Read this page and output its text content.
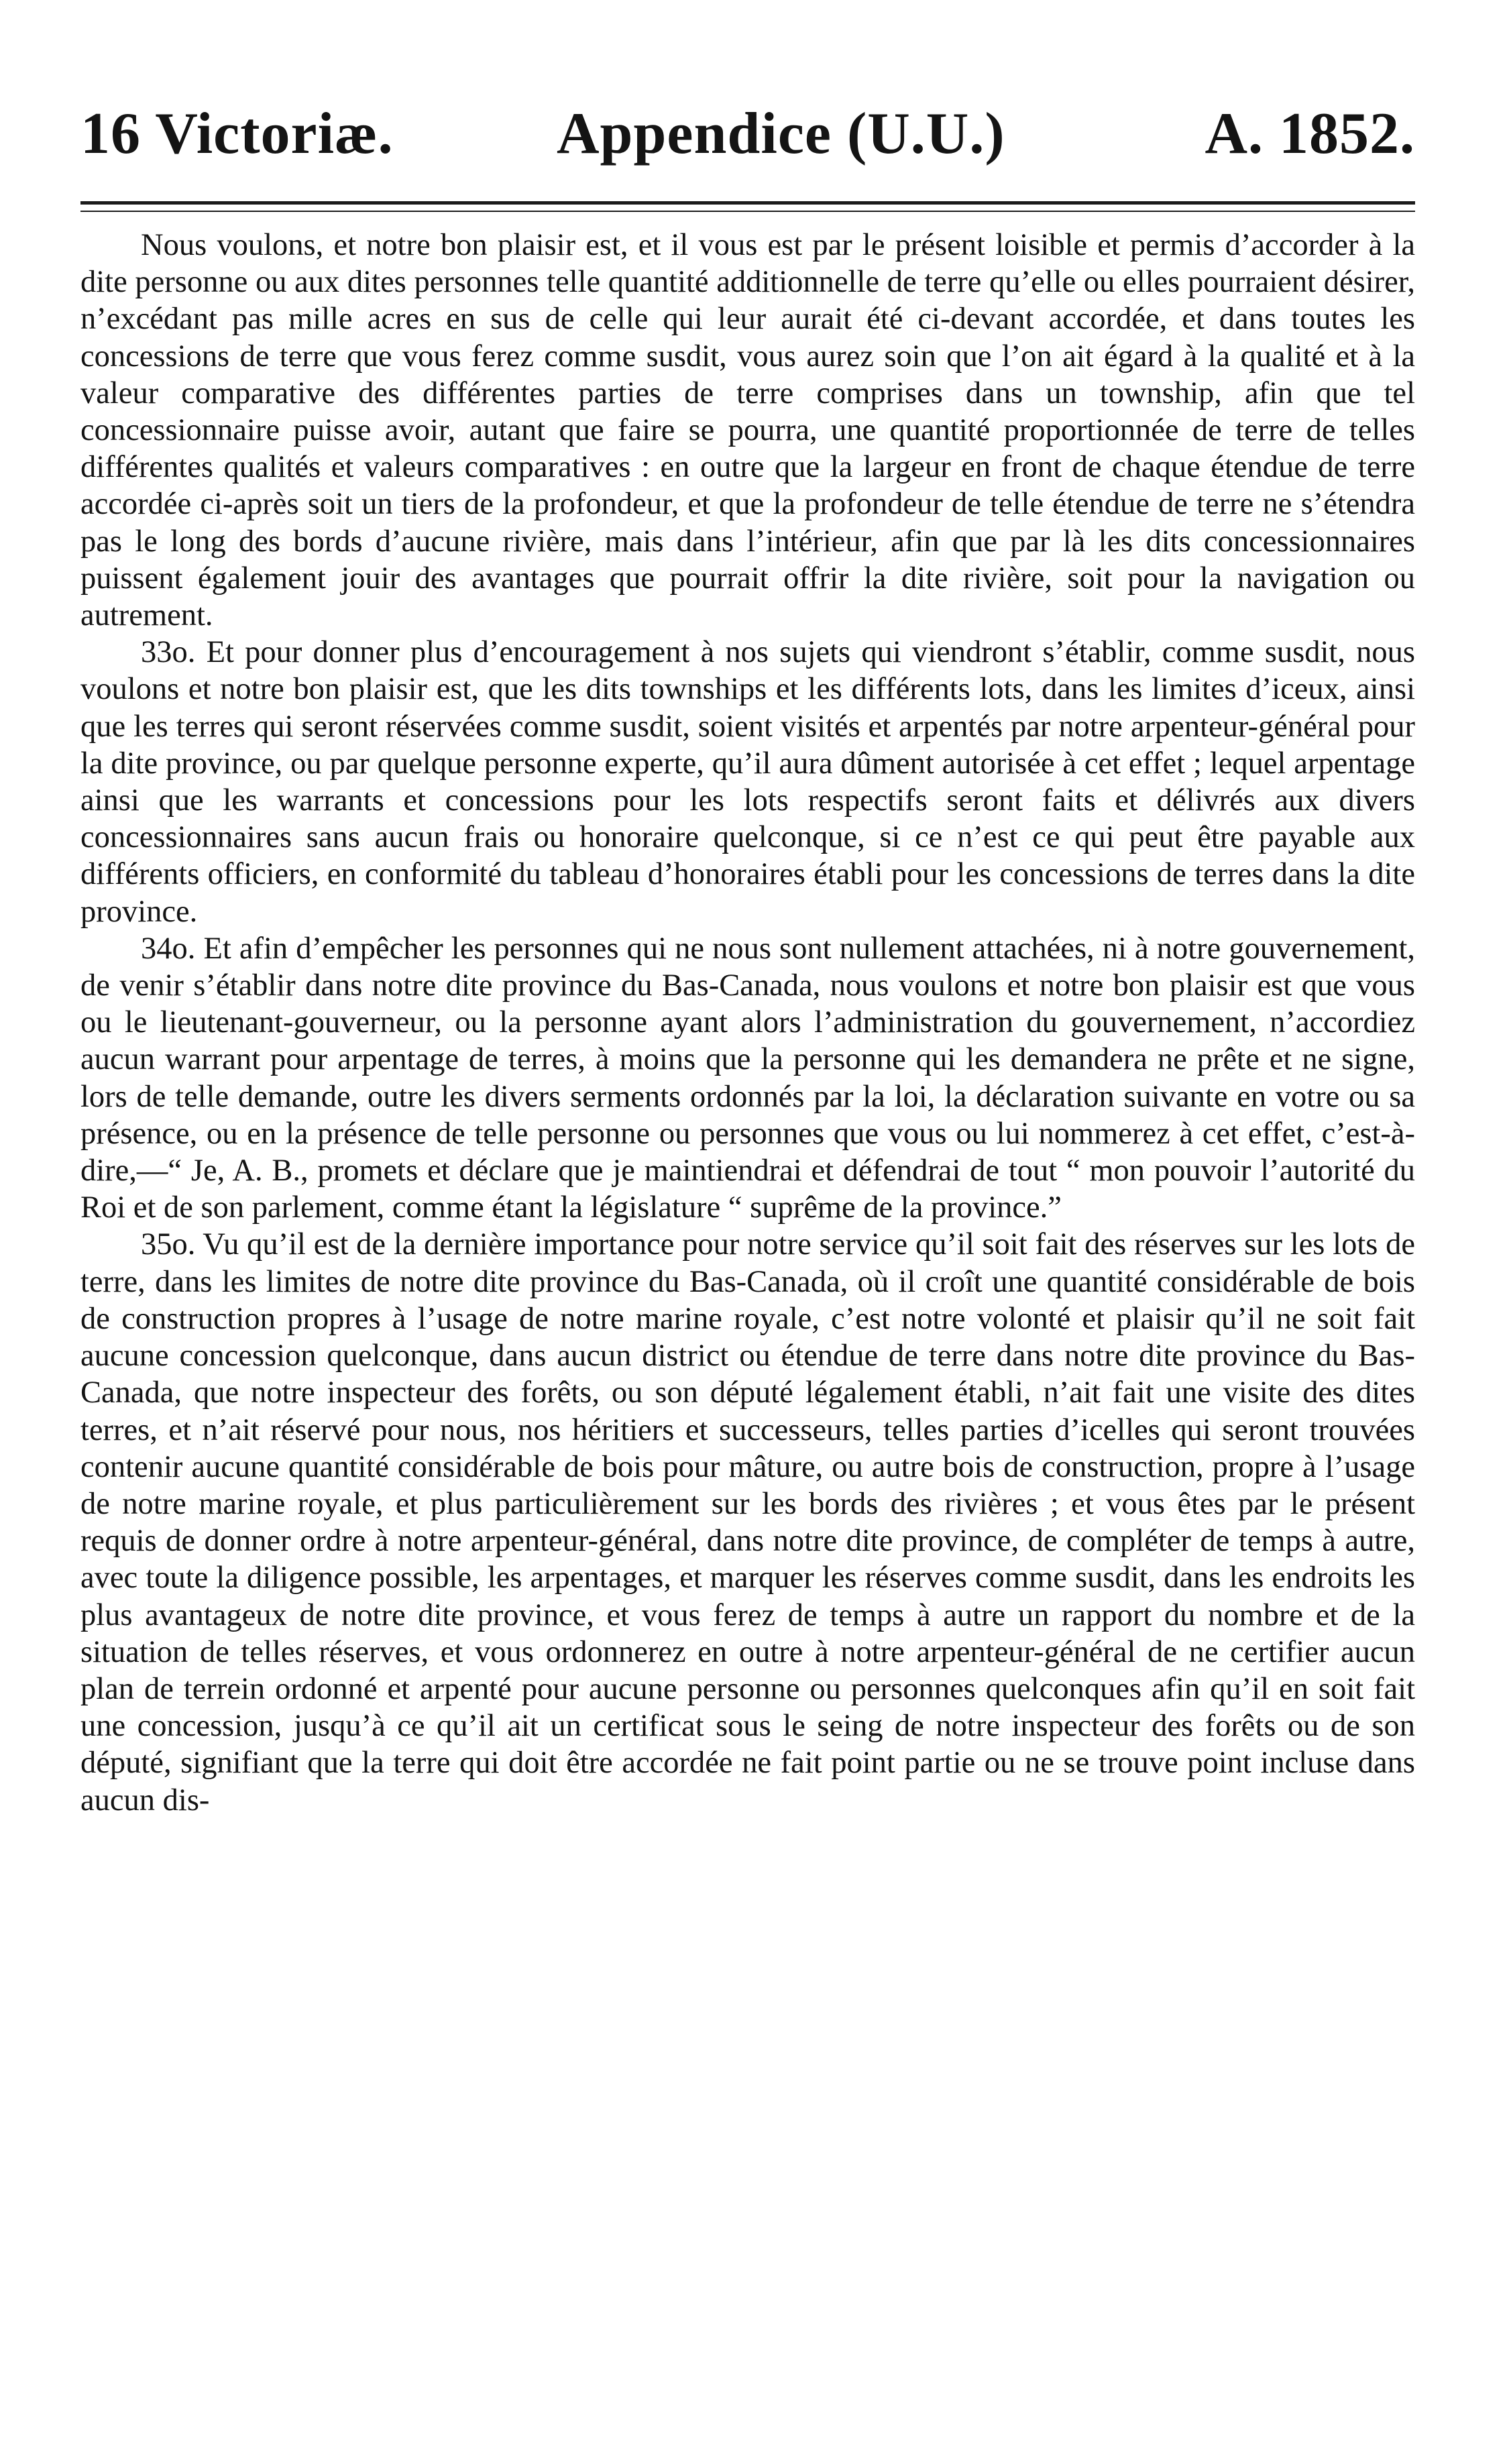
16 Victoriæ.	Appendice (U.U.)	A. 1852.

Nous voulons, et notre bon plaisir est, et il vous est par le présent loisible et permis d’accorder à la dite personne ou aux dites personnes telle quantité additionnelle de terre qu’elle ou elles pourraient désirer, n’excédant pas mille acres en sus de celle qui leur aurait été ci-devant accordée, et dans toutes les concessions de terre que vous ferez comme susdit, vous aurez soin que l’on ait égard à la qualité et à la valeur comparative des différentes parties de terre comprises dans un township, afin que tel concessionnaire puisse avoir, autant que faire se pourra, une quantité proportionnée de terre de telles différentes qualités et valeurs comparatives : en outre que la largeur en front de chaque étendue de terre accordée ci-après soit un tiers de la profondeur, et que la profondeur de telle étendue de terre ne s’étendra pas le long des bords d’aucune rivière, mais dans l’intérieur, afin que par là les dits concessionnaires puissent également jouir des avantages que pourrait offrir la dite rivière, soit pour la navigation ou autrement.

33o. Et pour donner plus d’encouragement à nos sujets qui viendront s’établir, comme susdit, nous voulons et notre bon plaisir est, que les dits townships et les différents lots, dans les limites d’iceux, ainsi que les terres qui seront réservées comme susdit, soient visités et arpentés par notre arpenteur-général pour la dite province, ou par quelque personne experte, qu’il aura dûment autorisée à cet effet ; lequel arpentage ainsi que les warrants et concessions pour les lots respectifs seront faits et délivrés aux divers concessionnaires sans aucun frais ou honoraire quelconque, si ce n’est ce qui peut être payable aux différents officiers, en conformité du tableau d’honoraires établi pour les concessions de terres dans la dite province.

34o. Et afin d’empêcher les personnes qui ne nous sont nullement attachées, ni à notre gouvernement, de venir s’établir dans notre dite province du Bas-Canada, nous voulons et notre bon plaisir est que vous ou le lieutenant-gouverneur, ou la personne ayant alors l’administration du gouvernement, n’accordiez aucun warrant pour arpentage de terres, à moins que la personne qui les demandera ne prête et ne signe, lors de telle demande, outre les divers serments ordonnés par la loi, la déclaration suivante en votre ou sa présence, ou en la présence de telle personne ou personnes que vous ou lui nommerez à cet effet, c’est-à-dire,—“ Je, A. B., promets et déclare que je maintiendrai et défendrai de tout “ mon pouvoir l’autorité du Roi et de son parlement, comme étant la législature “ suprême de la province.”

35o. Vu qu’il est de la dernière importance pour notre service qu’il soit fait des réserves sur les lots de terre, dans les limites de notre dite province du Bas-Canada, où il croît une quantité considérable de bois de construction propres à l’usage de notre marine royale, c’est notre volonté et plaisir qu’il ne soit fait aucune concession quelconque, dans aucun district ou étendue de terre dans notre dite province du Bas-Canada, que notre inspecteur des forêts, ou son député légalement établi, n’ait fait une visite des dites terres, et n’ait réservé pour nous, nos héritiers et successeurs, telles parties d’icelles qui seront trouvées contenir aucune quantité considérable de bois pour mâture, ou autre bois de construction, propre à l’usage de notre marine royale, et plus particulièrement sur les bords des rivières ; et vous êtes par le présent requis de donner ordre à notre arpenteur-général, dans notre dite province, de compléter de temps à autre, avec toute la diligence possible, les arpentages, et marquer les réserves comme susdit, dans les endroits les plus avantageux de notre dite province, et vous ferez de temps à autre un rapport du nombre et de la situation de telles réserves, et vous ordonnerez en outre à notre arpenteur-général de ne certifier aucun plan de terrein ordonné et arpenté pour aucune personne ou personnes quelconques afin qu’il en soit fait une concession, jusqu’à ce qu’il ait un certificat sous le seing de notre inspecteur des forêts ou de son député, signifiant que la terre qui doit être accordée ne fait point partie ou ne se trouve point incluse dans aucun dis-
